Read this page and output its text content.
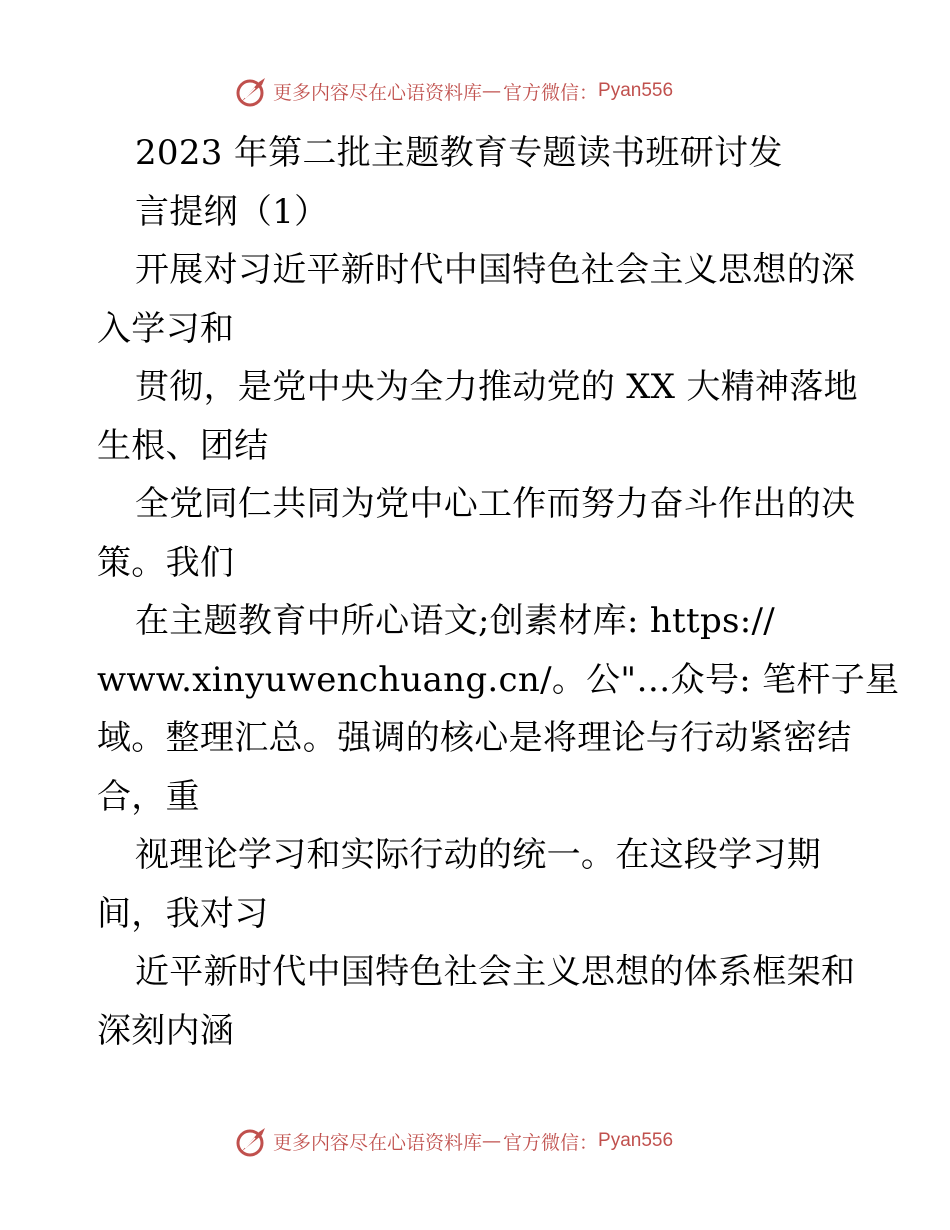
更多内容尽在心语资料库 — 官方微信： Pyan556
2023 年第二批主题教育专题读书班研讨发
言提纲（1）
开展对习近平新时代中国特色社会主义思想的深
入学习和
贯彻，是党中央为全力推动党的 XX 大精神落地
生根、团结
全党同仁共同为党中心工作而努力奋斗作出的决
策。我们
在主题教育中所心语文;创素材库: https://
www.xinyuwenchuang.cn/。公"…众号: 笔杆子星
域。整理汇总。强调的核心是将理论与行动紧密结
合，重
视理论学习和实际行动的统一。在这段学习期
间，我对习
近平新时代中国特色社会主义思想的体系框架和
深刻内涵
更多内容尽在心语资料库 — 官方微信： Pyan556
